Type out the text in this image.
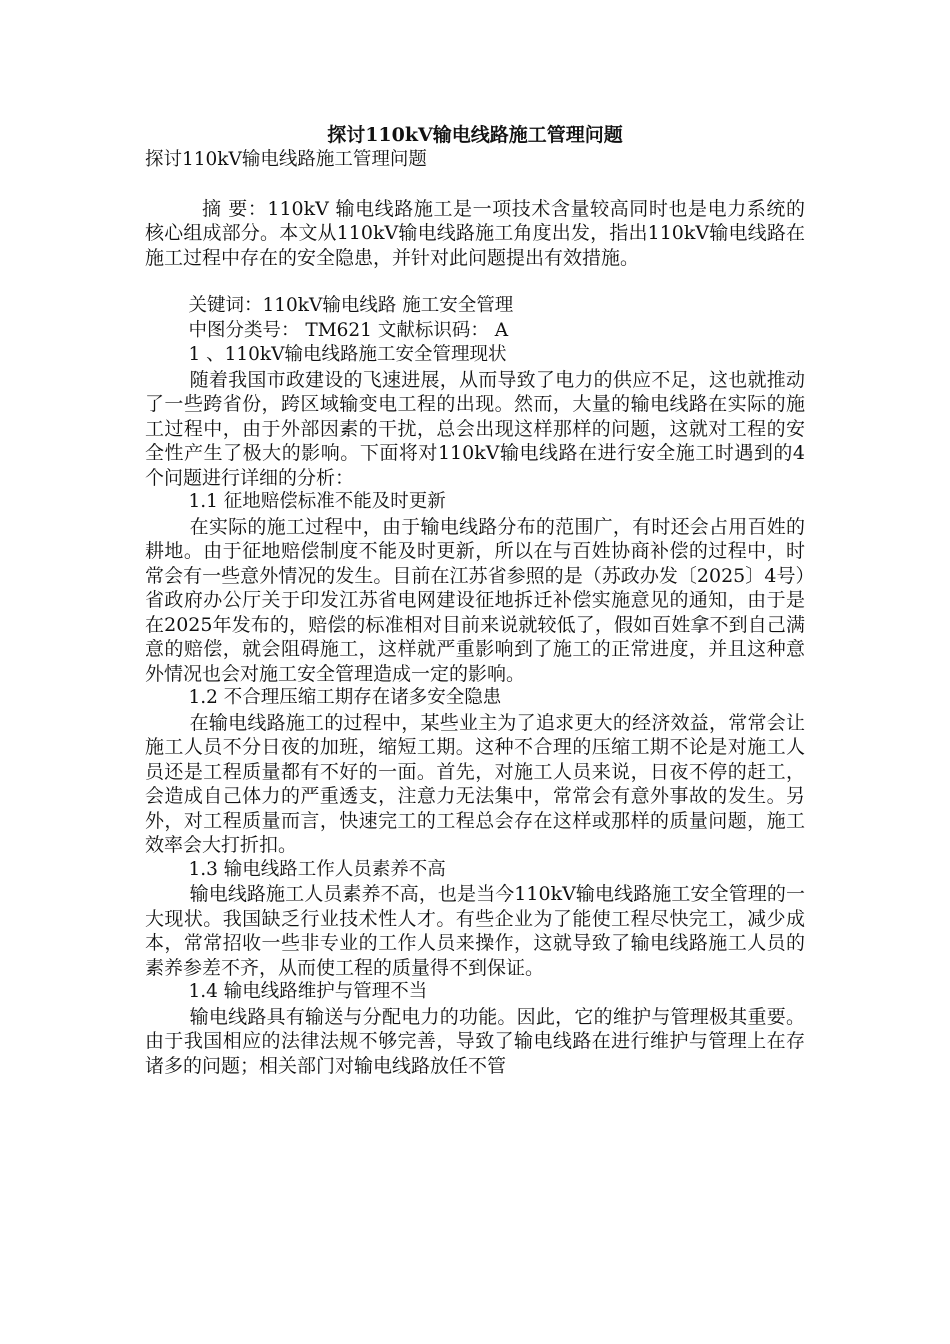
探讨110kV输电线路施工管理问题

探讨110kV输电线路施工管理问题

摘 要：110kV 输电线路施工是一项技术含量较高同时也是电力系统的核心组成部分。本文从110kV输电线路施工角度出发，指出110kV输电线路在施工过程中存在的安全隐患，并针对此问题提出有效措施。

关键词：110kV输电线路 施工安全管理

中图分类号： TM621 文献标识码： A

1 、110kV输电线路施工安全管理现状

随着我国市政建设的飞速进展，从而导致了电力的供应不足，这也就推动了一些跨省份，跨区域输变电工程的出现。然而，大量的输电线路在实际的施工过程中，由于外部因素的干扰，总会出现这样那样的问题，这就对工程的安全性产生了极大的影响。下面将对110kV输电线路在进行安全施工时遇到的4个问题进行详细的分析：

1.1 征地赔偿标准不能及时更新

在实际的施工过程中，由于输电线路分布的范围广，有时还会占用百姓的耕地。由于征地赔偿制度不能及时更新，所以在与百姓协商补偿的过程中，时常会有一些意外情况的发生。目前在江苏省参照的是（苏政办发〔2025〕4号）省政府办公厅关于印发江苏省电网建设征地拆迁补偿实施意见的通知，由于是在2025年发布的，赔偿的标准相对目前来说就较低了，假如百姓拿不到自己满意的赔偿，就会阻碍施工，这样就严重影响到了施工的正常进度，并且这种意外情况也会对施工安全管理造成一定的影响。

1.2 不合理压缩工期存在诸多安全隐患

在输电线路施工的过程中，某些业主为了追求更大的经济效益，常常会让施工人员不分日夜的加班，缩短工期。这种不合理的压缩工期不论是对施工人员还是工程质量都有不好的一面。首先，对施工人员来说，日夜不停的赶工，会造成自己体力的严重透支，注意力无法集中，常常会有意外事故的发生。另外，对工程质量而言，快速完工的工程总会存在这样或那样的质量问题，施工效率会大打折扣。

1.3 输电线路工作人员素养不高

输电线路施工人员素养不高，也是当今110kV输电线路施工安全管理的一大现状。我国缺乏行业技术性人才。有些企业为了能使工程尽快完工，减少成本，常常招收一些非专业的工作人员来操作，这就导致了输电线路施工人员的素养参差不齐，从而使工程的质量得不到保证。

1.4 输电线路维护与管理不当

输电线路具有输送与分配电力的功能。因此，它的维护与管理极其重要。由于我国相应的法律法规不够完善，导致了输电线路在进行维护与管理上在存诸多的问题；相关部门对输电线路放任不管
